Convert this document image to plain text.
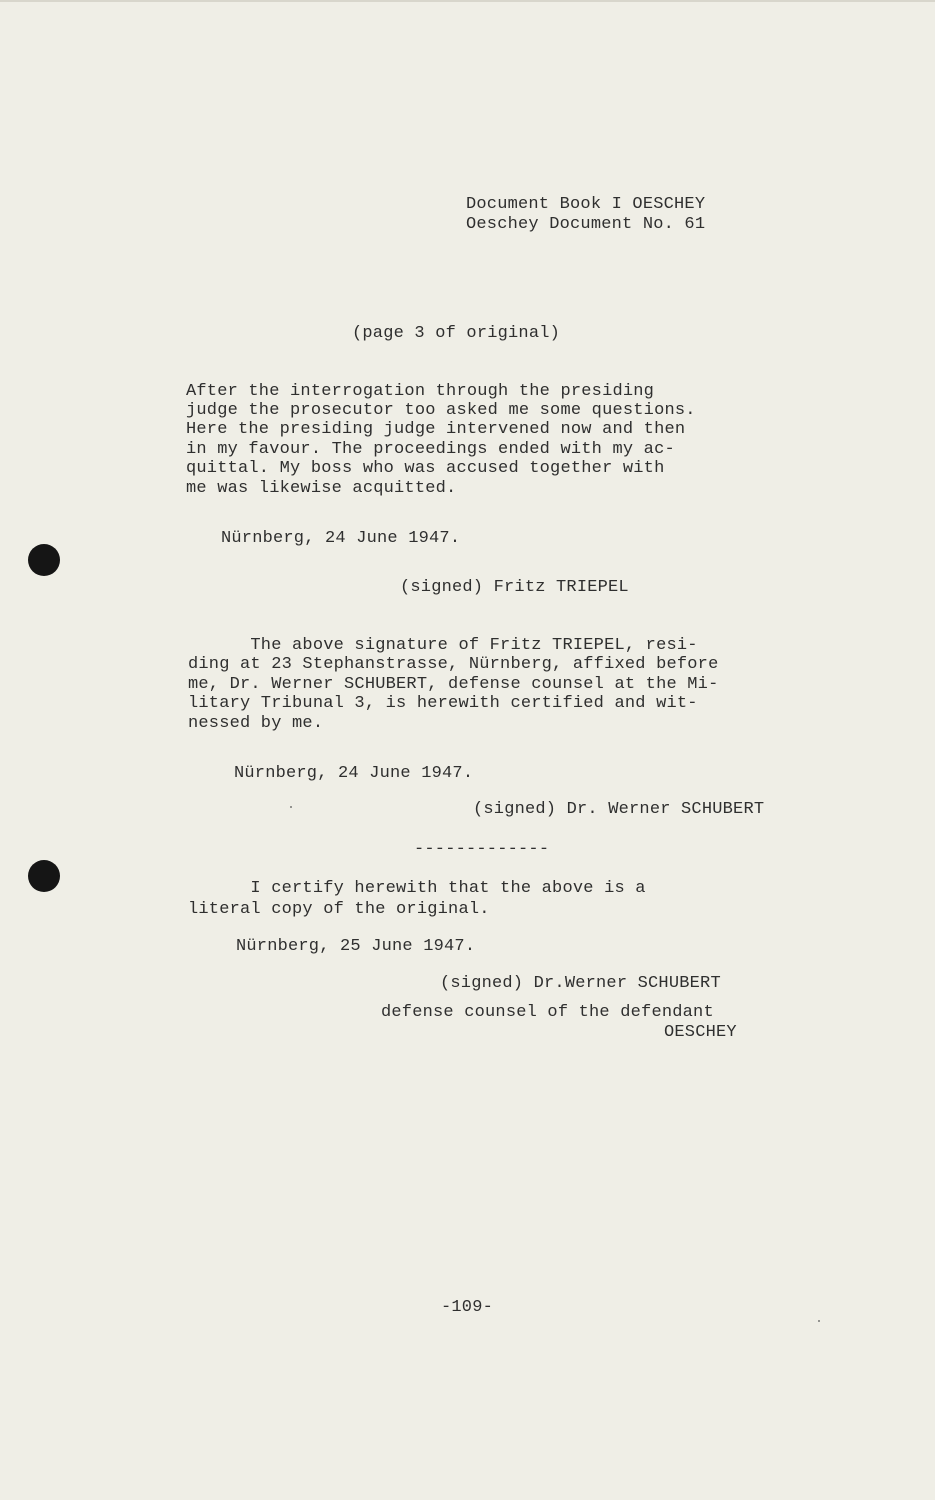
Document Book I OESCHEY
Oeschey Document No. 61
(page 3 of original)
After the interrogation through the presiding
judge the prosecutor too asked me some questions.
Here the presiding judge intervened now and then
in my favour. The proceedings ended with my ac-
quittal. My boss who was accused together with
me was likewise acquitted.
Nürnberg, 24 June 1947.
(signed) Fritz TRIEPEL
The above signature of Fritz TRIEPEL, resi-
ding at 23 Stephanstrasse, Nürnberg, affixed before
me, Dr. Werner SCHUBERT, defense counsel at the Mi-
litary Tribunal 3, is herewith certified and wit-
nessed by me.
Nürnberg, 24 June 1947.
(signed) Dr. Werner SCHUBERT
-------------
I certify herewith that the above is a
literal copy of the original.
Nürnberg, 25 June 1947.
(signed) Dr.Werner SCHUBERT
defense counsel of the defendant
OESCHEY
-109-
